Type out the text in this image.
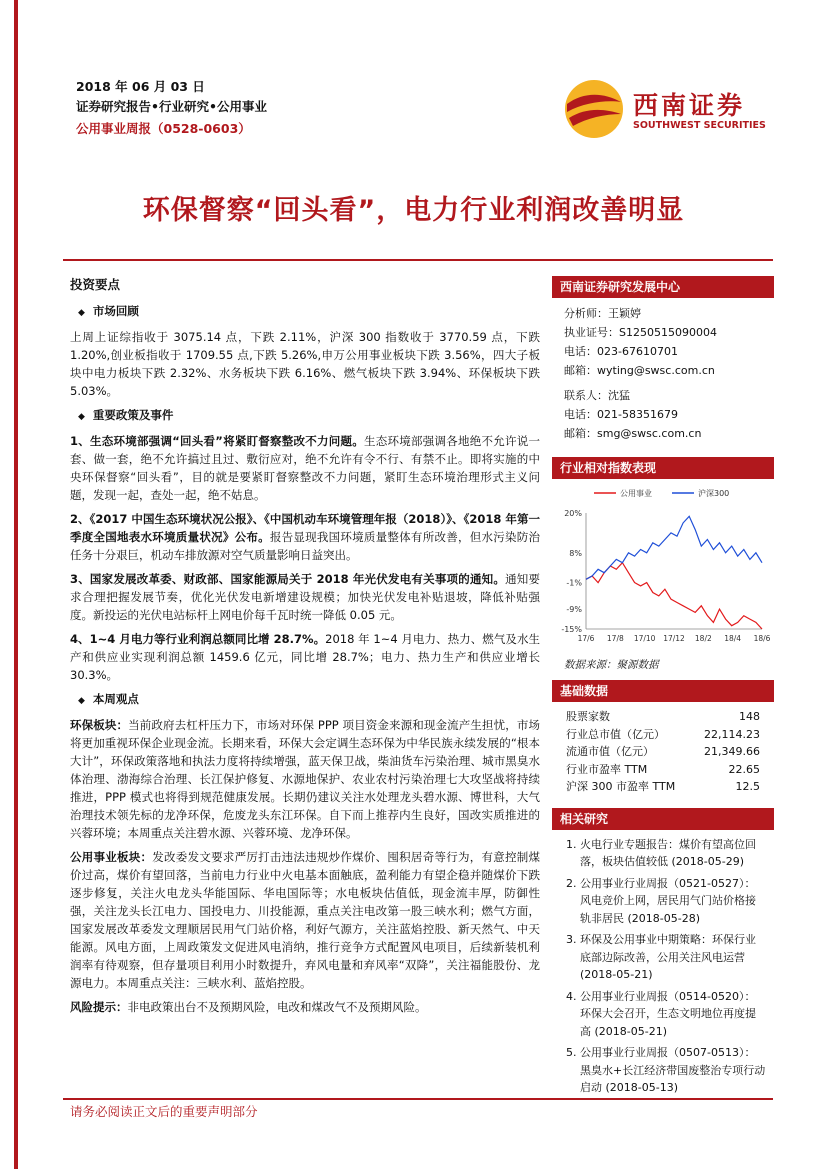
2018 年 06 月 03 日
证券研究报告•行业研究•公用事业
公用事业周报（0528-0603）
西南证券
SOUTHWEST SECURITIES
环保督察“回头看”，电力行业利润改善明显
投资要点
◆ 市场回顾

上周上证综指收于 3075.14 点，下跌 2.11%，沪深 300 指数收于 3770.59 点，下跌 1.20%,创业板指收于 1709.55 点,下跌 5.26%,申万公用事业板块下跌 3.56%，四大子板块中电力板块下跌 2.32%、水务板块下跌 6.16%、燃气板块下跌 3.94%、环保板块下跌 5.03%。

◆ 重要政策及事件

1、生态环境部强调“回头看”将紧盯督察整改不力问题。生态环境部强调各地绝不允许说一套、做一套，绝不允许搞过且过、敷衍应对，绝不允许有令不行、有禁不止。即将实施的中央环保督察“回头看”，目的就是要紧盯督察整改不力问题，紧盯生态环境治理形式主义问题，发现一起，查处一起，绝不姑息。

2、《2017 中国生态环境状况公报》、《中国机动车环境管理年报（2018）》、《2018 年第一季度全国地表水环境质量状况》公布。报告显现我国环境质量整体有所改善，但水污染防治任务十分艰巨，机动车排放源对空气质量影响日益突出。

3、国家发展改革委、财政部、国家能源局关于 2018 年光伏发电有关事项的通知。通知要求合理把握发展节奏，优化光伏发电新增建设规模；加快光伏发电补贴退坡，降低补贴强度。新投运的光伏电站标杆上网电价每千瓦时统一降低 0.05 元。

4、1~4 月电力等行业利润总额同比增 28.7%。2018 年 1~4 月电力、热力、燃气及水生产和供应业实现利润总额 1459.6 亿元，同比增 28.7%；电力、热力生产和供应业增长 30.3%。

◆ 本周观点

环保板块：当前政府去杠杆压力下，市场对环保 PPP 项目资金来源和现金流产生担忧，市场将更加重视环保企业现金流。长期来看，环保大会定调生态环保为中华民族永续发展的“根本大计”，环保政策落地和执法力度将持续增强，蓝天保卫战，柴油货车污染治理、城市黑臭水体治理、渤海综合治理、长江保护修复、水源地保护、农业农村污染治理七大攻坚战将持续推进，PPP 模式也将得到规范健康发展。长期仍建议关注水处理龙头碧水源、博世科，大气治理技术领先标的龙净环保，危废龙头东江环保。自下而上推荐内生良好，国改实质推进的兴蓉环境；本周重点关注碧水源、兴蓉环境、龙净环保。

公用事业板块：发改委发文要求严厉打击违法违规炒作煤价、囤积居奇等行为，有意控制煤价过高，煤价有望回落，当前电力行业中火电基本面触底，盈利能力有望企稳并随煤价下跌逐步修复，关注火电龙头华能国际、华电国际等；水电板块估值低，现金流丰厚，防御性强，关注龙头长江电力、国投电力、川投能源，重点关注电改第一股三峡水利；燃气方面，国家发展改革委发文理顺居民用气门站价格，利好气源方，关注蓝焰控股、新天然气、中天能源。风电方面，上周政策发文促进风电消纳，推行竞争方式配置风电项目，后续新装机利润率有待观察，但存量项目利用小时数提升，弃风电量和弃风率“双降”，关注福能股份、龙源电力。本周重点关注：三峡水利、蓝焰控股。

风险提示：非电政策出台不及预期风险，电改和煤改气不及预期风险。

西南证券研究发展中心
分析师：王颖婷
执业证号：S1250515090004
电话：023-67610701
邮箱：wyting@swsc.com.cn
联系人：沈猛
电话：021-58351679
邮箱：smg@swsc.com.cn
行业相对指数表现
公用事业	沪深300
20%
8%
-1%
-9%
-15%
17/6 17/8 17/10 17/12 18/2 18/4 18/6
数据来源：聚源数据
基础数据
股票家数	148
行业总市值（亿元）	22,114.23
流通市值（亿元）	21,349.66
行业市盈率 TTM	22.65
沪深 300 市盈率 TTM	12.5
相关研究
1. 火电行业专题报告：煤价有望高位回落，板块估值较低 (2018-05-29)
2. 公用事业行业周报（0521-0527）：风电竞价上网，居民用气门站价格接轨非居民 (2018-05-28)
3. 环保及公用事业中期策略：环保行业底部边际改善，公用关注风电运营 (2018-05-21)
4. 公用事业行业周报（0514-0520）：环保大会召开，生态文明地位再度提高 (2018-05-21)
5. 公用事业行业周报（0507-0513）：黑臭水+长江经济带国废整治专项行动启动 (2018-05-13)
请务必阅读正文后的重要声明部分
